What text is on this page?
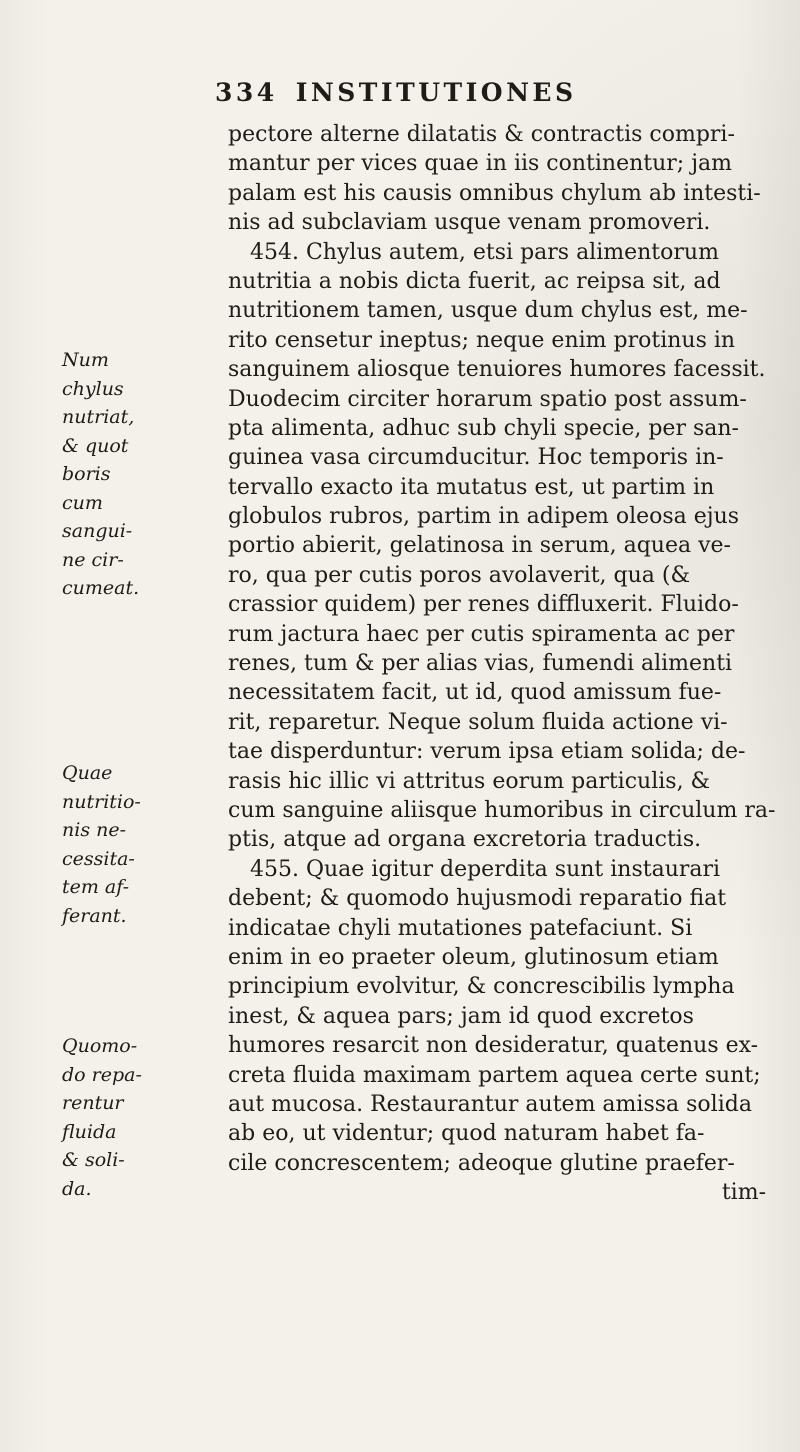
334 INSTITUTIONES
pectore alterne dilatatis & contractis compri-
mantur per vices quae in iis continentur; jam
palam est his causis omnibus chylum ab intesti-
nis ad subclaviam usque venam promoveri.
454. Chylus autem, etsi pars alimentorum
nutritia a nobis dicta fuerit, ac reipsa sit, ad
nutritionem tamen, usque dum chylus est, me-
rito censetur ineptus; neque enim protinus in
sanguinem aliosque tenuiores humores facessit.
Duodecim circiter horarum spatio post assum-
pta alimenta, adhuc sub chyli specie, per san-
guinea vasa circumducitur. Hoc temporis in-
tervallo exacto ita mutatus est, ut partim in
globulos rubros, partim in adipem oleosa ejus
portio abierit, gelatinosa in serum, aquea ve-
ro, qua per cutis poros avolaverit, qua (&
crassior quidem) per renes diffluxerit. Fluido-
rum jactura haec per cutis spiramenta ac per
renes, tum & per alias vias, fumendi alimenti
necessitatem facit, ut id, quod amissum fue-
rit, reparetur. Neque solum fluida actione vi-
tae disperduntur: verum ipsa etiam solida; de-
rasis hic illic vi attritus eorum particulis, &
cum sanguine aliisque humoribus in circulum ra-
ptis, atque ad organa excretoria traductis.
455. Quae igitur deperdita sunt instaurari
debent; & quomodo hujusmodi reparatio fiat
indicatae chyli mutationes patefaciunt. Si
enim in eo praeter oleum, glutinosum etiam
principium evolvitur, & concrescibilis lympha
inest, & aquea pars; jam id quod excretos
humores resarcit non desideratur, quatenus ex-
creta fluida maximam partem aquea certe sunt;
aut mucosa. Restaurantur autem amissa solida
ab eo, ut videntur; quod naturam habet fa-
cile concrescentem; adeoque glutine praefer-
tim-
Num
chylus
nutriat,
& quot
boris
cum
sangui-
ne cir-
cumeat.
Quae
nutritio-
nis ne-
cessita-
tem af-
ferant.
Quomo-
do repa-
rentur
fluida
& soli-
da.
